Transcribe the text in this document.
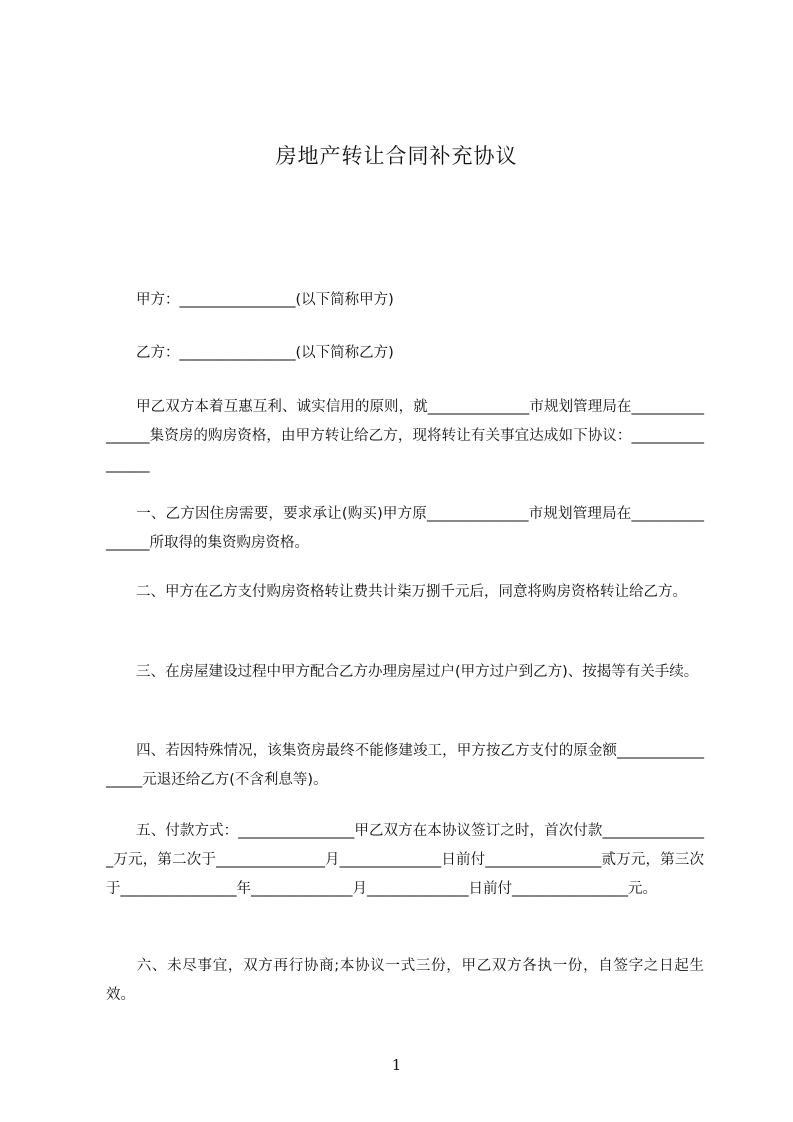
房地产转让合同补充协议

甲方：________________(以下简称甲方)

乙方：________________(以下简称乙方)

甲乙双方本着互惠互利、诚实信用的原则，就______________市规划管理局在________________集资房的购房资格，由甲方转让给乙方，现将转让有关事宜达成如下协议：________________

一、乙方因住房需要，要求承让(购买)甲方原______________市规划管理局在________________所取得的集资购房资格。

二、甲方在乙方支付购房资格转让费共计柒万捌千元后，同意将购房资格转让给乙方。

三、在房屋建设过程中甲方配合乙方办理房屋过户(甲方过户到乙方)、按揭等有关手续。

四、若因特殊情况，该集资房最终不能修建竣工，甲方按乙方支付的原金额_________________元退还给乙方(不含利息等)。

五、付款方式：________________甲乙双方在本协议签订之时，首次付款_______________万元，第二次于_______________月______________日前付________________贰万元，第三次于________________年______________月______________日前付________________元。

六、未尽事宜，双方再行协商;本协议一式三份，甲乙双方各执一份，自签字之日起生效。

1
